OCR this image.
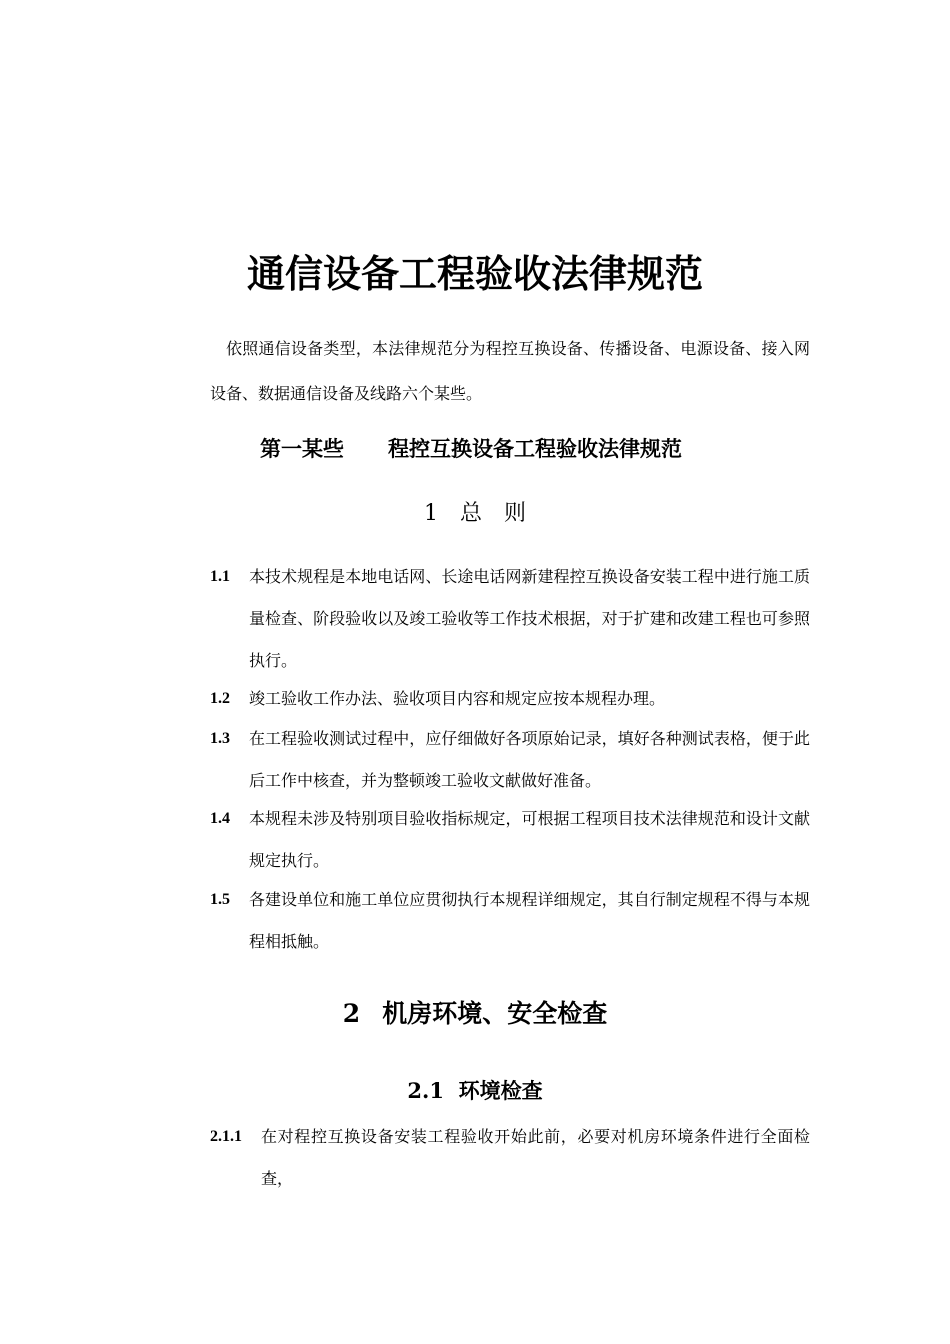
通信设备工程验收法律规范
依照通信设备类型，本法律规范分为程控互换设备、传播设备、电源设备、接入网设备、数据通信设备及线路六个某些。
第一某些 程控互换设备工程验收法律规范
1 总 则
1.1	本技术规程是本地电话网、长途电话网新建程控互换设备安装工程中进行施工质量检查、阶段验收以及竣工验收等工作技术根据，对于扩建和改建工程也可参照执行。
1.2	竣工验收工作办法、验收项目内容和规定应按本规程办理。
1.3	在工程验收测试过程中，应仔细做好各项原始记录，填好各种测试表格，便于此后工作中核查，并为整顿竣工验收文献做好准备。
1.4	本规程未涉及特别项目验收指标规定，可根据工程项目技术法律规范和设计文献规定执行。
1.5	各建设单位和施工单位应贯彻执行本规程详细规定，其自行制定规程不得与本规程相抵触。
2 机房环境、安全检查
2.1 环境检查
2.1.1	在对程控互换设备安装工程验收开始此前，必要对机房环境条件进行全面检查，
